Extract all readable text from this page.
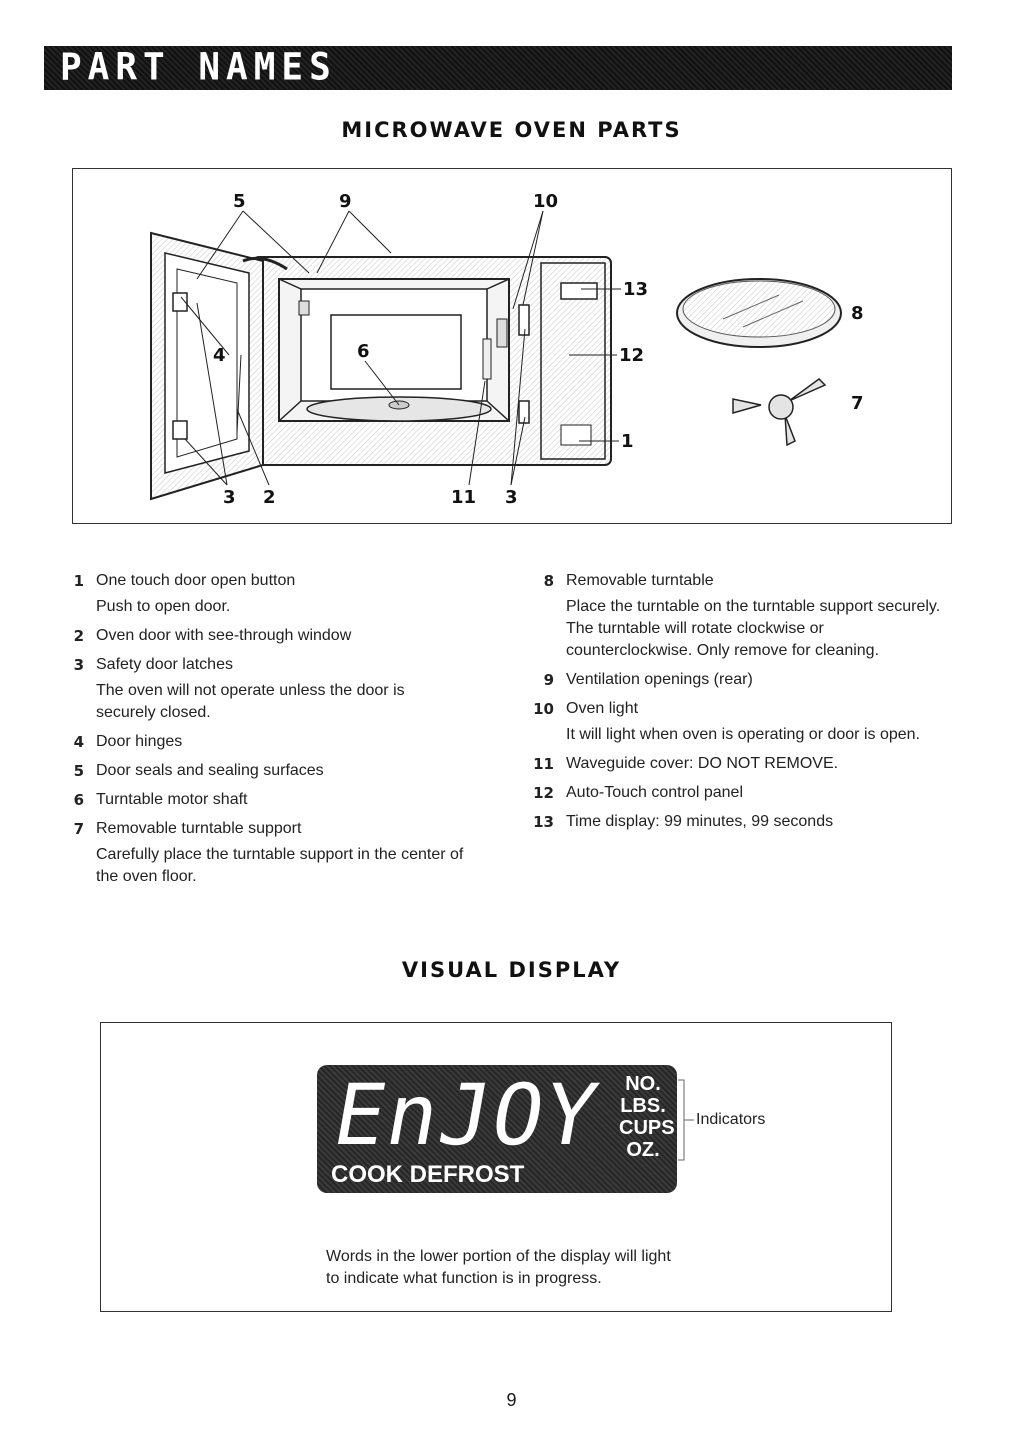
PART NAMES
MICROWAVE OVEN PARTS
5	9	10
13
12
1
4	6
3 2	11 3
8
7
1 One touch door open button
Push to open door.
2 Oven door with see-through window
3 Safety door latches
The oven will not operate unless the door is securely closed.
4 Door hinges
5 Door seals and sealing surfaces
6 Turntable motor shaft
7 Removable turntable support
Carefully place the turntable support in the center of the oven floor.
8 Removable turntable
Place the turntable on the turntable support securely. The turntable will rotate clockwise or counterclockwise. Only remove for cleaning.
9 Ventilation openings (rear)
10 Oven light
It will light when oven is operating or door is open.
11 Waveguide cover: DO NOT REMOVE.
12 Auto-Touch control panel
13 Time display: 99 minutes, 99 seconds
VISUAL DISPLAY
EnJOY NO.
LBS.
CUPS
OZ.
COOK DEFROST
Indicators
Words in the lower portion of the display will light to indicate what function is in progress.
9
